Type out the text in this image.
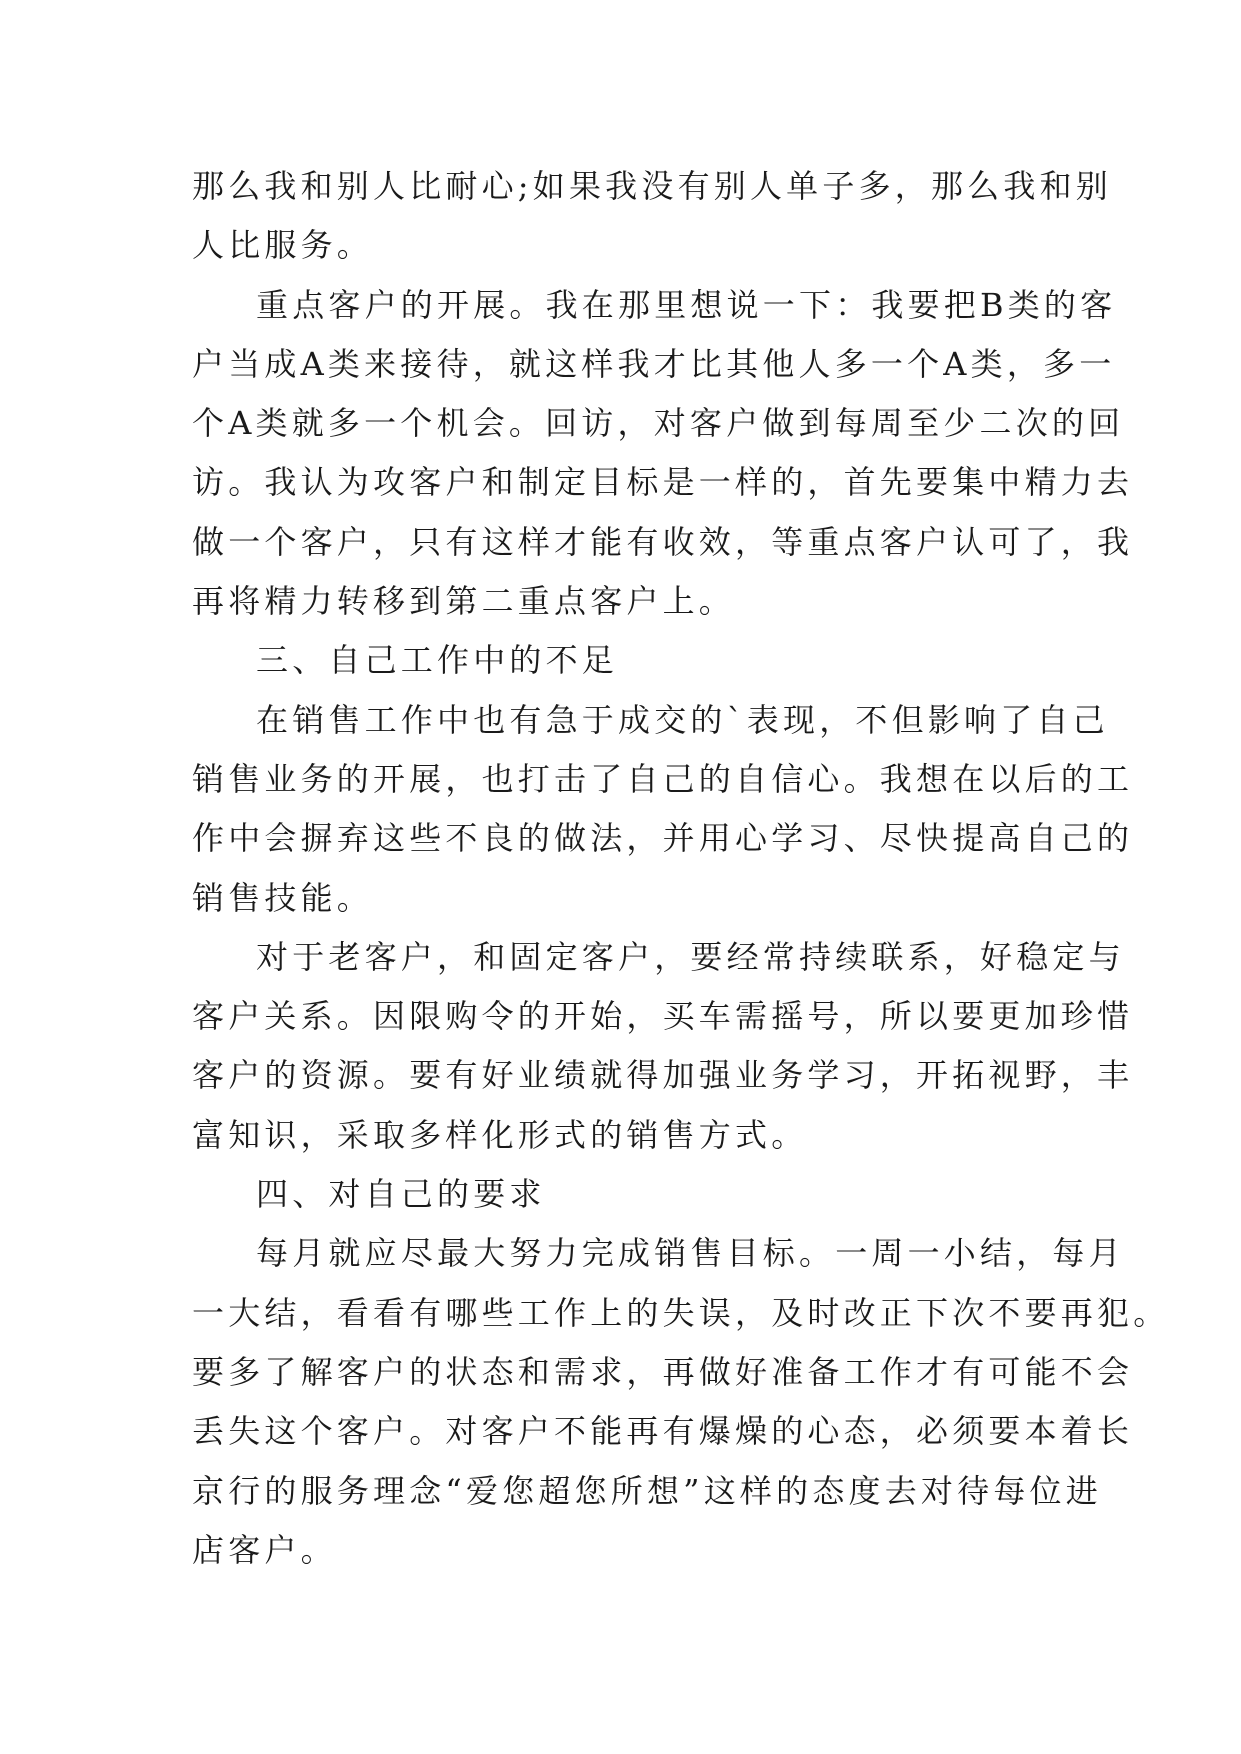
那么我和别人比耐心;如果我没有别人单子多，那么我和别
人比服务。
重点客户的开展。我在那里想说一下：我要把B类的客
户当成A类来接待，就这样我才比其他人多一个A类，多一
个A类就多一个机会。回访，对客户做到每周至少二次的回
访。我认为攻客户和制定目标是一样的，首先要集中精力去
做一个客户，只有这样才能有收效，等重点客户认可了，我
再将精力转移到第二重点客户上。
三、自己工作中的不足
在销售工作中也有急于成交的`表现，不但影响了自己
销售业务的开展，也打击了自己的自信心。我想在以后的工
作中会摒弃这些不良的做法，并用心学习、尽快提高自己的
销售技能。
对于老客户，和固定客户，要经常持续联系，好稳定与
客户关系。因限购令的开始，买车需摇号，所以要更加珍惜
客户的资源。要有好业绩就得加强业务学习，开拓视野，丰
富知识，采取多样化形式的销售方式。
四、对自己的要求
每月就应尽最大努力完成销售目标。一周一小结，每月
一大结，看看有哪些工作上的失误，及时改正下次不要再犯。
要多了解客户的状态和需求，再做好准备工作才有可能不会
丢失这个客户。对客户不能再有爆燥的心态，必须要本着长
京行的服务理念“爱您超您所想”这样的态度去对待每位进
店客户。
